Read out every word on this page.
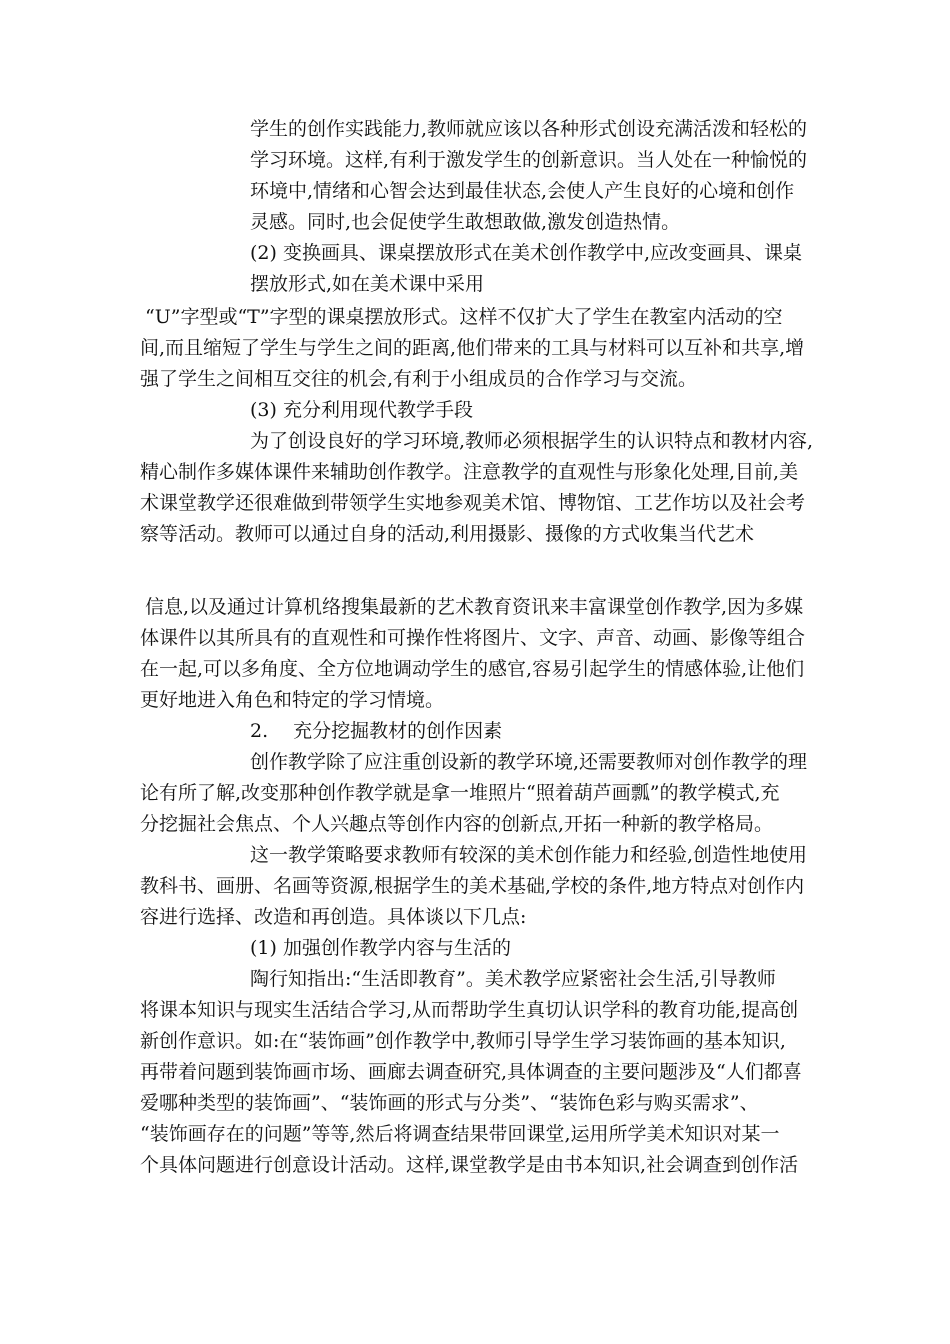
学生的创作实践能力,教师就应该以各种形式创设充满活泼和轻松的
学习环境。这样,有利于激发学生的创新意识。当人处在一种愉悦的
环境中,情绪和心智会达到最佳状态,会使人产生良好的心境和创作
灵感。同时,也会促使学生敢想敢做,激发创造热情。
(2) 变换画具、课桌摆放形式在美术创作教学中,应改变画具、课桌
摆放形式,如在美术课中采用
“U”字型或“T”字型的课桌摆放形式。这样不仅扩大了学生在教室内活动的空
间,而且缩短了学生与学生之间的距离,他们带来的工具与材料可以互补和共享,增
强了学生之间相互交往的机会,有利于小组成员的合作学习与交流。
(3) 充分利用现代教学手段
为了创设良好的学习环境,教师必须根据学生的认识特点和教材内容,
精心制作多媒体课件来辅助创作教学。注意教学的直观性与形象化处理,目前,美
术课堂教学还很难做到带领学生实地参观美术馆、博物馆、工艺作坊以及社会考
察等活动。教师可以通过自身的活动,利用摄影、摄像的方式收集当代艺术
信息,以及通过计算机络搜集最新的艺术教育资讯来丰富课堂创作教学,因为多媒
体课件以其所具有的直观性和可操作性将图片、文字、声音、动画、影像等组合
在一起,可以多角度、全方位地调动学生的感官,容易引起学生的情感体验,让他们
更好地进入角色和特定的学习情境。
2.　 充分挖掘教材的创作因素
创作教学除了应注重创设新的教学环境,还需要教师对创作教学的理
论有所了解,改变那种创作教学就是拿一堆照片“照着葫芦画瓢”的教学模式,充
分挖掘社会焦点、个人兴趣点等创作内容的创新点,开拓一种新的教学格局。
这一教学策略要求教师有较深的美术创作能力和经验,创造性地使用
教科书、画册、名画等资源,根据学生的美术基础,学校的条件,地方特点对创作内
容进行选择、改造和再创造。具体谈以下几点:
(1) 加强创作教学内容与生活的
陶行知指出:“生活即教育”。美术教学应紧密社会生活,引导教师
将课本知识与现实生活结合学习,从而帮助学生真切认识学科的教育功能,提高创
新创作意识。如:在“装饰画”创作教学中,教师引导学生学习装饰画的基本知识,
再带着问题到装饰画市场、画廊去调查研究,具体调查的主要问题涉及“人们都喜
爱哪种类型的装饰画”、“装饰画的形式与分类”、“装饰色彩与购买需求”、
“装饰画存在的问题”等等,然后将调查结果带回课堂,运用所学美术知识对某一
个具体问题进行创意设计活动。这样,课堂教学是由书本知识,社会调查到创作活
